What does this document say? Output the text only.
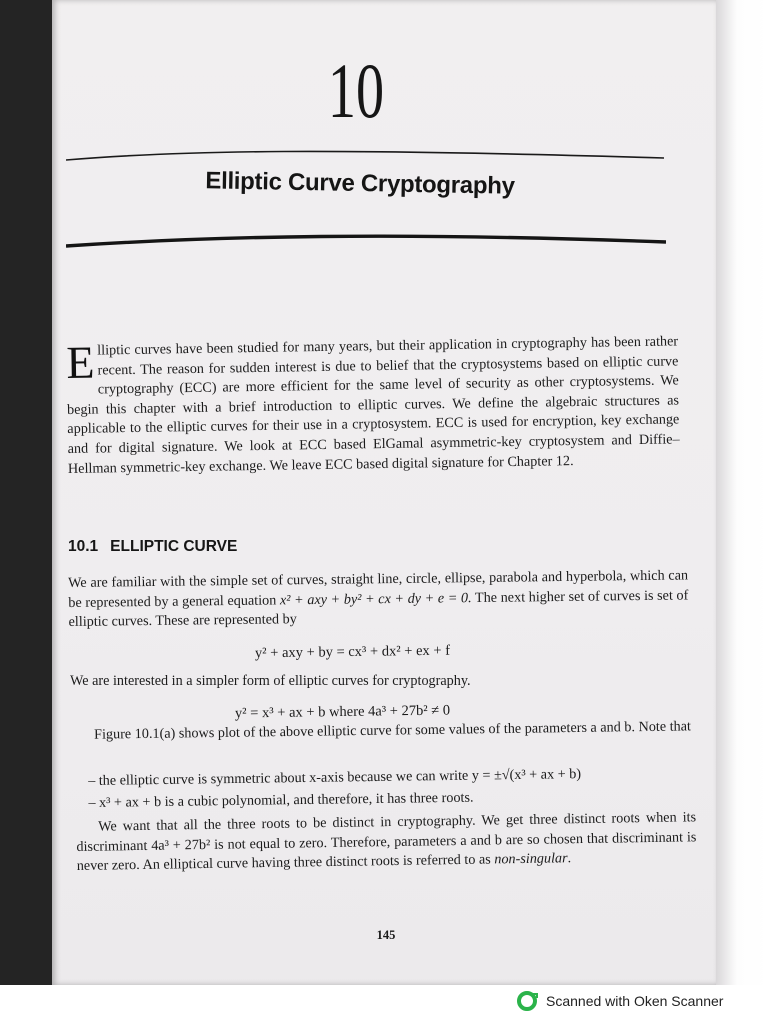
10
Elliptic Curve Cryptography
Elliptic curves have been studied for many years, but their application in cryptography has been rather recent. The reason for sudden interest is due to belief that the cryptosystems based on elliptic curve cryptography (ECC) are more efficient for the same level of security as other cryptosystems. We begin this chapter with a brief introduction to elliptic curves. We define the algebraic structures as applicable to the elliptic curves for their use in a cryptosystem. ECC is used for encryption, key exchange and for digital signature. We look at ECC based ElGamal asymmetric-key cryptosystem and Diffie–Hellman symmetric-key exchange. We leave ECC based digital signature for Chapter 12.
10.1 ELLIPTIC CURVE
We are familiar with the simple set of curves, straight line, circle, ellipse, parabola and hyperbola, which can be represented by a general equation x² + axy + by² + cx + dy + e = 0. The next higher set of curves is set of elliptic curves. These are represented by
y² + axy + by = cx³ + dx² + ex + f
We are interested in a simpler form of elliptic curves for cryptography.
y² = x³ + ax + b where 4a³ + 27b² ≠ 0
Figure 10.1(a) shows plot of the above elliptic curve for some values of the parameters a and b. Note that
– the elliptic curve is symmetric about x-axis because we can write y = ±√(x³ + ax + b)
– x³ + ax + b is a cubic polynomial, and therefore, it has three roots.
We want that all the three roots to be distinct in cryptography. We get three distinct roots when its discriminant 4a³ + 27b² is not equal to zero. Therefore, parameters a and b are so chosen that discriminant is never zero. An elliptical curve having three distinct roots is referred to as non-singular.
145
Scanned with Oken Scanner
